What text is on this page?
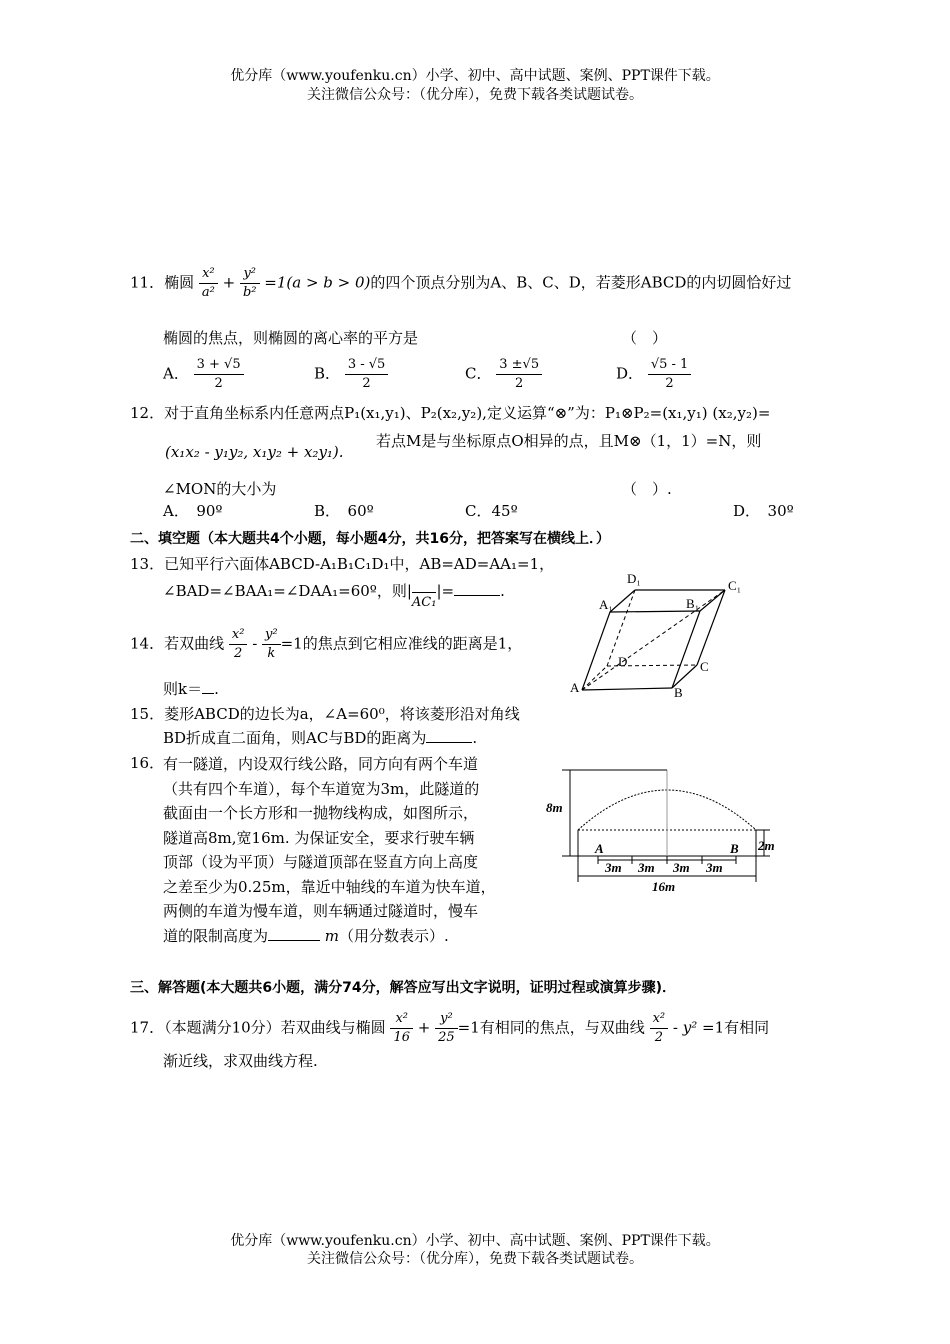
优分库（www.youfenku.cn）小学、初中、高中试题、案例、PPT课件下载。
关注微信公众号：（优分库），免费下载各类试题试卷。
11．椭圆 $\frac{\text{x²}}{\text{a²}} + \frac{\text{y²}}{\text{b²}} =1(a > b > 0)$的四个顶点分别为A、B、C、D，若菱形ABCD的内切圆恰好过
椭圆的焦点，则椭圆的离心率的平方是	（　）
A． $\frac{3 + √5}{2}$	B． $\frac{3 - √5}{2}$	C． $\frac{3 \pm√5}{2}$	D． $\frac{√5 - 1}{2}$
12．对于直角坐标系内任意两点P₁(x₁,y₁)、P₂(x₂,y₂),定义运算“⊗”为：P₁⊗P₂=(x₁,y₁) (x₂,y₂)=
(x₁x₂ - y₁y₂, x₁y₂ + x₂y₁).
若点M是与坐标原点O相异的点，且M⊗（1，1）=N，则
∠MON的大小为	（　）.
A．　90º	B．　60º	C．45º	D．　30º
二、填空题（本大题共4个小题，每小题4分，共16分，把答案写在横线上．）
13．已知平行六面体ABCD-A₁B₁C₁D₁中，AB=AD=AA₁=1，
∠BAD=∠BAA₁=∠DAA₁=60º，则|AC₁|=	.
14．若双曲线 $\frac{\text{x²}}{2} - \frac{\text{y²}}{k} =1$的焦点到它相应准线的距离是1，
则k＝ .
15．菱形ABCD的边长为a，∠A=60⁰，将该菱形沿对角线
BD折成直二面角，则AC与BD的距离为	.
16．
有一隧道，内设双行线公路，同方向有两个车道
（共有四个车道），每个车道宽为3m，此隧道的
截面由一个长方形和一抛物线构成，如图所示，
隧道高8m,宽16m. 为保证安全，要求行驶车辆
顶部（设为平顶）与隧道顶部在竖直方向上高度
之差至少为0.25m，靠近中轴线的车道为快车道，
两侧的车道为慢车道，则车辆通过隧道时，慢车
道的限制高度为	m（用分数表示）.
三、解答题(本大题共6小题，满分74分，解答应写出文字说明，证明过程或演算步骤)．
17．（本题满分10分）若双曲线与椭圆 $\frac{\text{x²}}{16} + \frac{\text{y²}}{25} =1$有相同的焦点，与双曲线 $\frac{\text{x²}}{2} - y^2 =1$有相同
渐近线，求双曲线方程.
D₁	C₁
A₁	B₁
D	C
A	B
8m
2m
A	B
3m 3m 3m 3m
16m
优分库（www.youfenku.cn）小学、初中、高中试题、案例、PPT课件下载。
关注微信公众号：（优分库），免费下载各类试题试卷。
